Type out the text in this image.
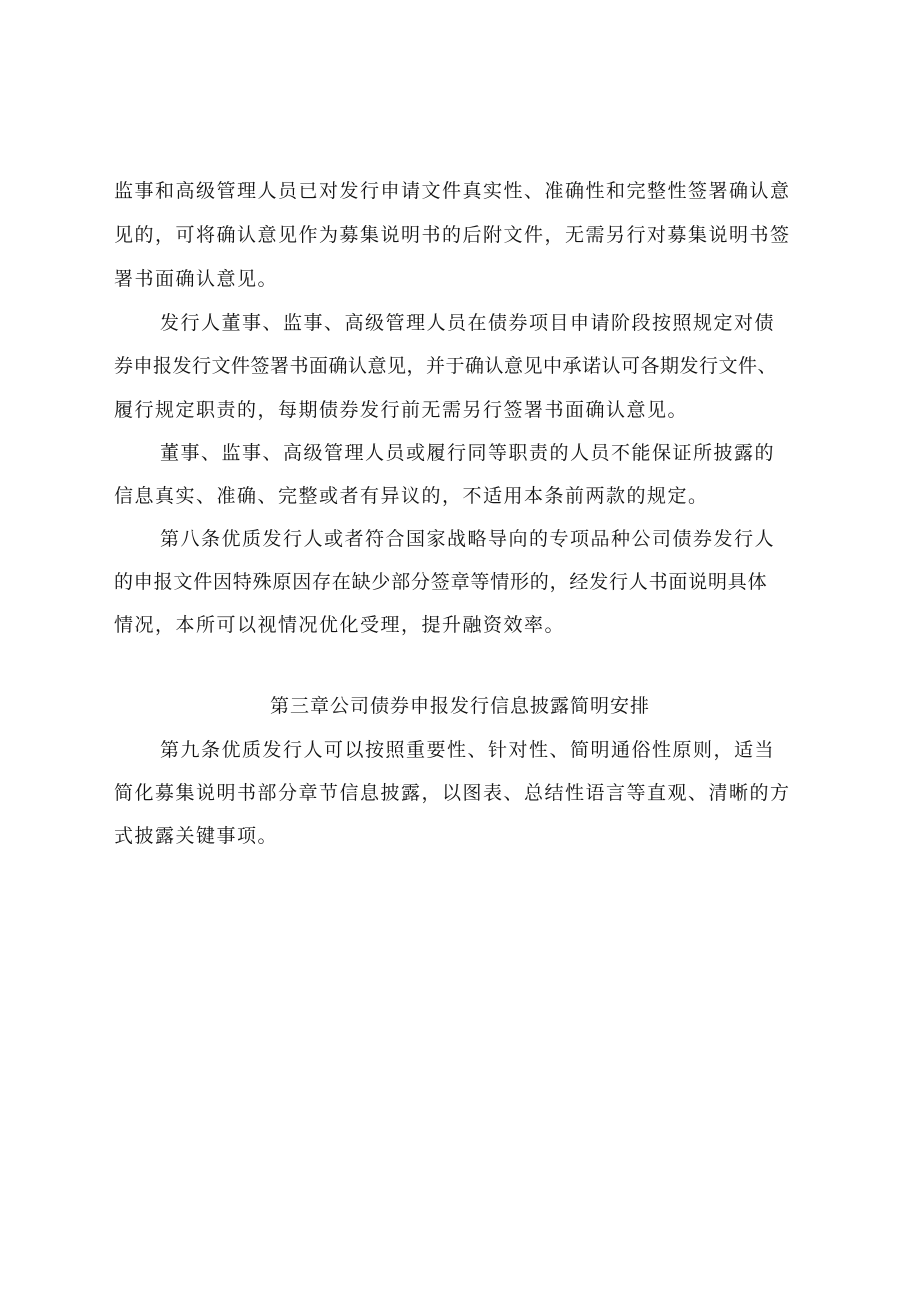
监事和高级管理人员已对发行申请文件真实性、准确性和完整性签署确认意
见的，可将确认意见作为募集说明书的后附文件，无需另行对募集说明书签
署书面确认意见。
发行人董事、监事、高级管理人员在债券项目申请阶段按照规定对债
券申报发行文件签署书面确认意见，并于确认意见中承诺认可各期发行文件、
履行规定职责的，每期债券发行前无需另行签署书面确认意见。
董事、监事、高级管理人员或履行同等职责的人员不能保证所披露的
信息真实、准确、完整或者有异议的，不适用本条前两款的规定。
第八条优质发行人或者符合国家战略导向的专项品种公司债券发行人
的申报文件因特殊原因存在缺少部分签章等情形的，经发行人书面说明具体
情况，本所可以视情况优化受理，提升融资效率。
第三章公司债券申报发行信息披露简明安排
第九条优质发行人可以按照重要性、针对性、简明通俗性原则，适当
简化募集说明书部分章节信息披露，以图表、总结性语言等直观、清晰的方
式披露关键事项。
